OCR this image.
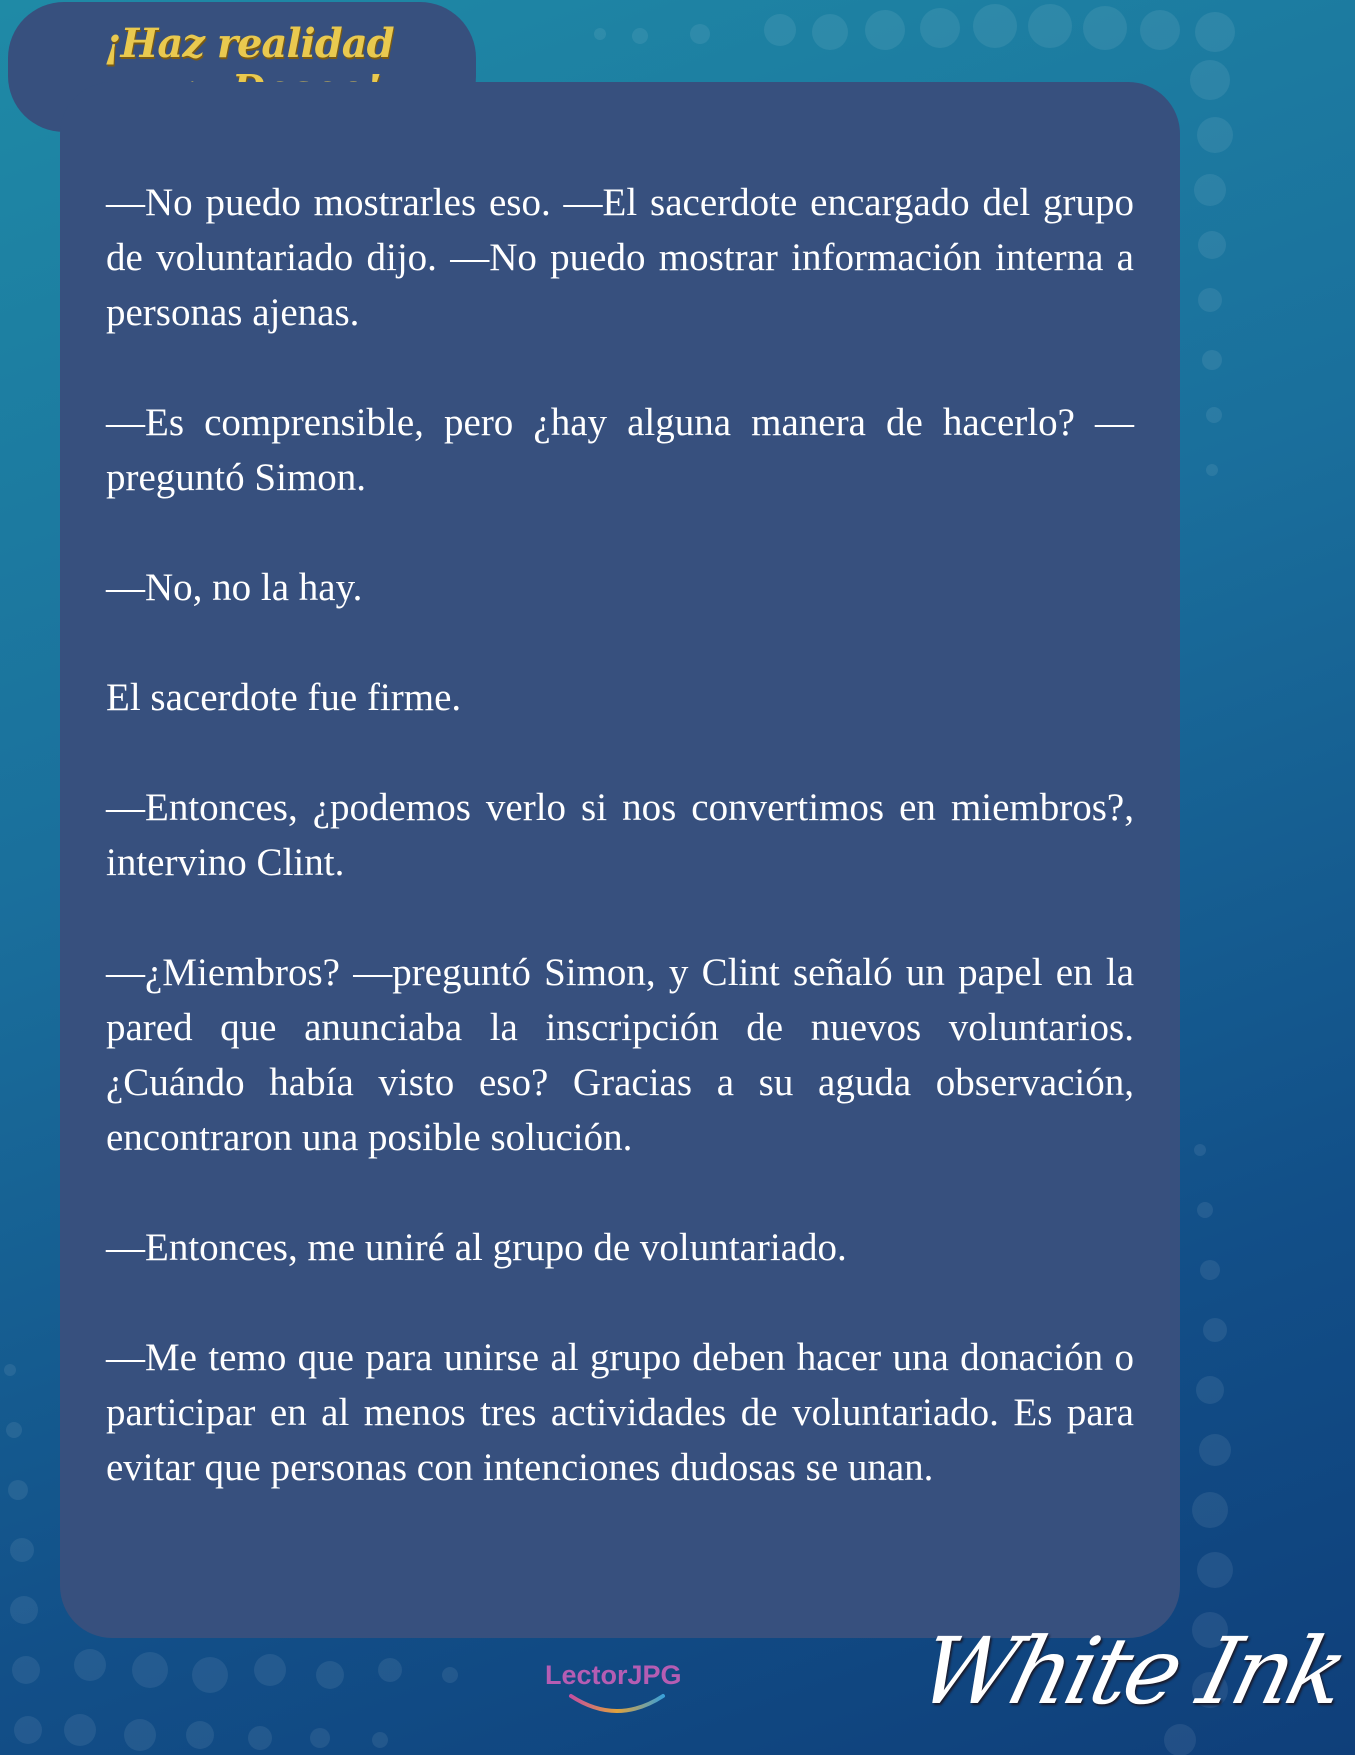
¡Haz realidad

—No puedo mostrarles eso. —El sacerdote encargado del grupo de voluntariado dijo. —No puedo mostrar información interna a personas ajenas.

—Es comprensible, pero ¿hay alguna manera de hacerlo? —preguntó Simon.

—No, no la hay.

El sacerdote fue firme.

—Entonces, ¿podemos verlo si nos convertimos en miembros?, intervino Clint.

—¿Miembros? —preguntó Simon, y Clint señaló un papel en la pared que anunciaba la inscripción de nuevos voluntarios. ¿Cuándo había visto eso? Gracias a su aguda observación, encontraron una posible solución.

—Entonces, me uniré al grupo de voluntariado.

—Me temo que para unirse al grupo deben hacer una donación o participar en al menos tres actividades de voluntariado. Es para evitar que personas con intenciones dudosas se unan.

LectorJPG White Ink
